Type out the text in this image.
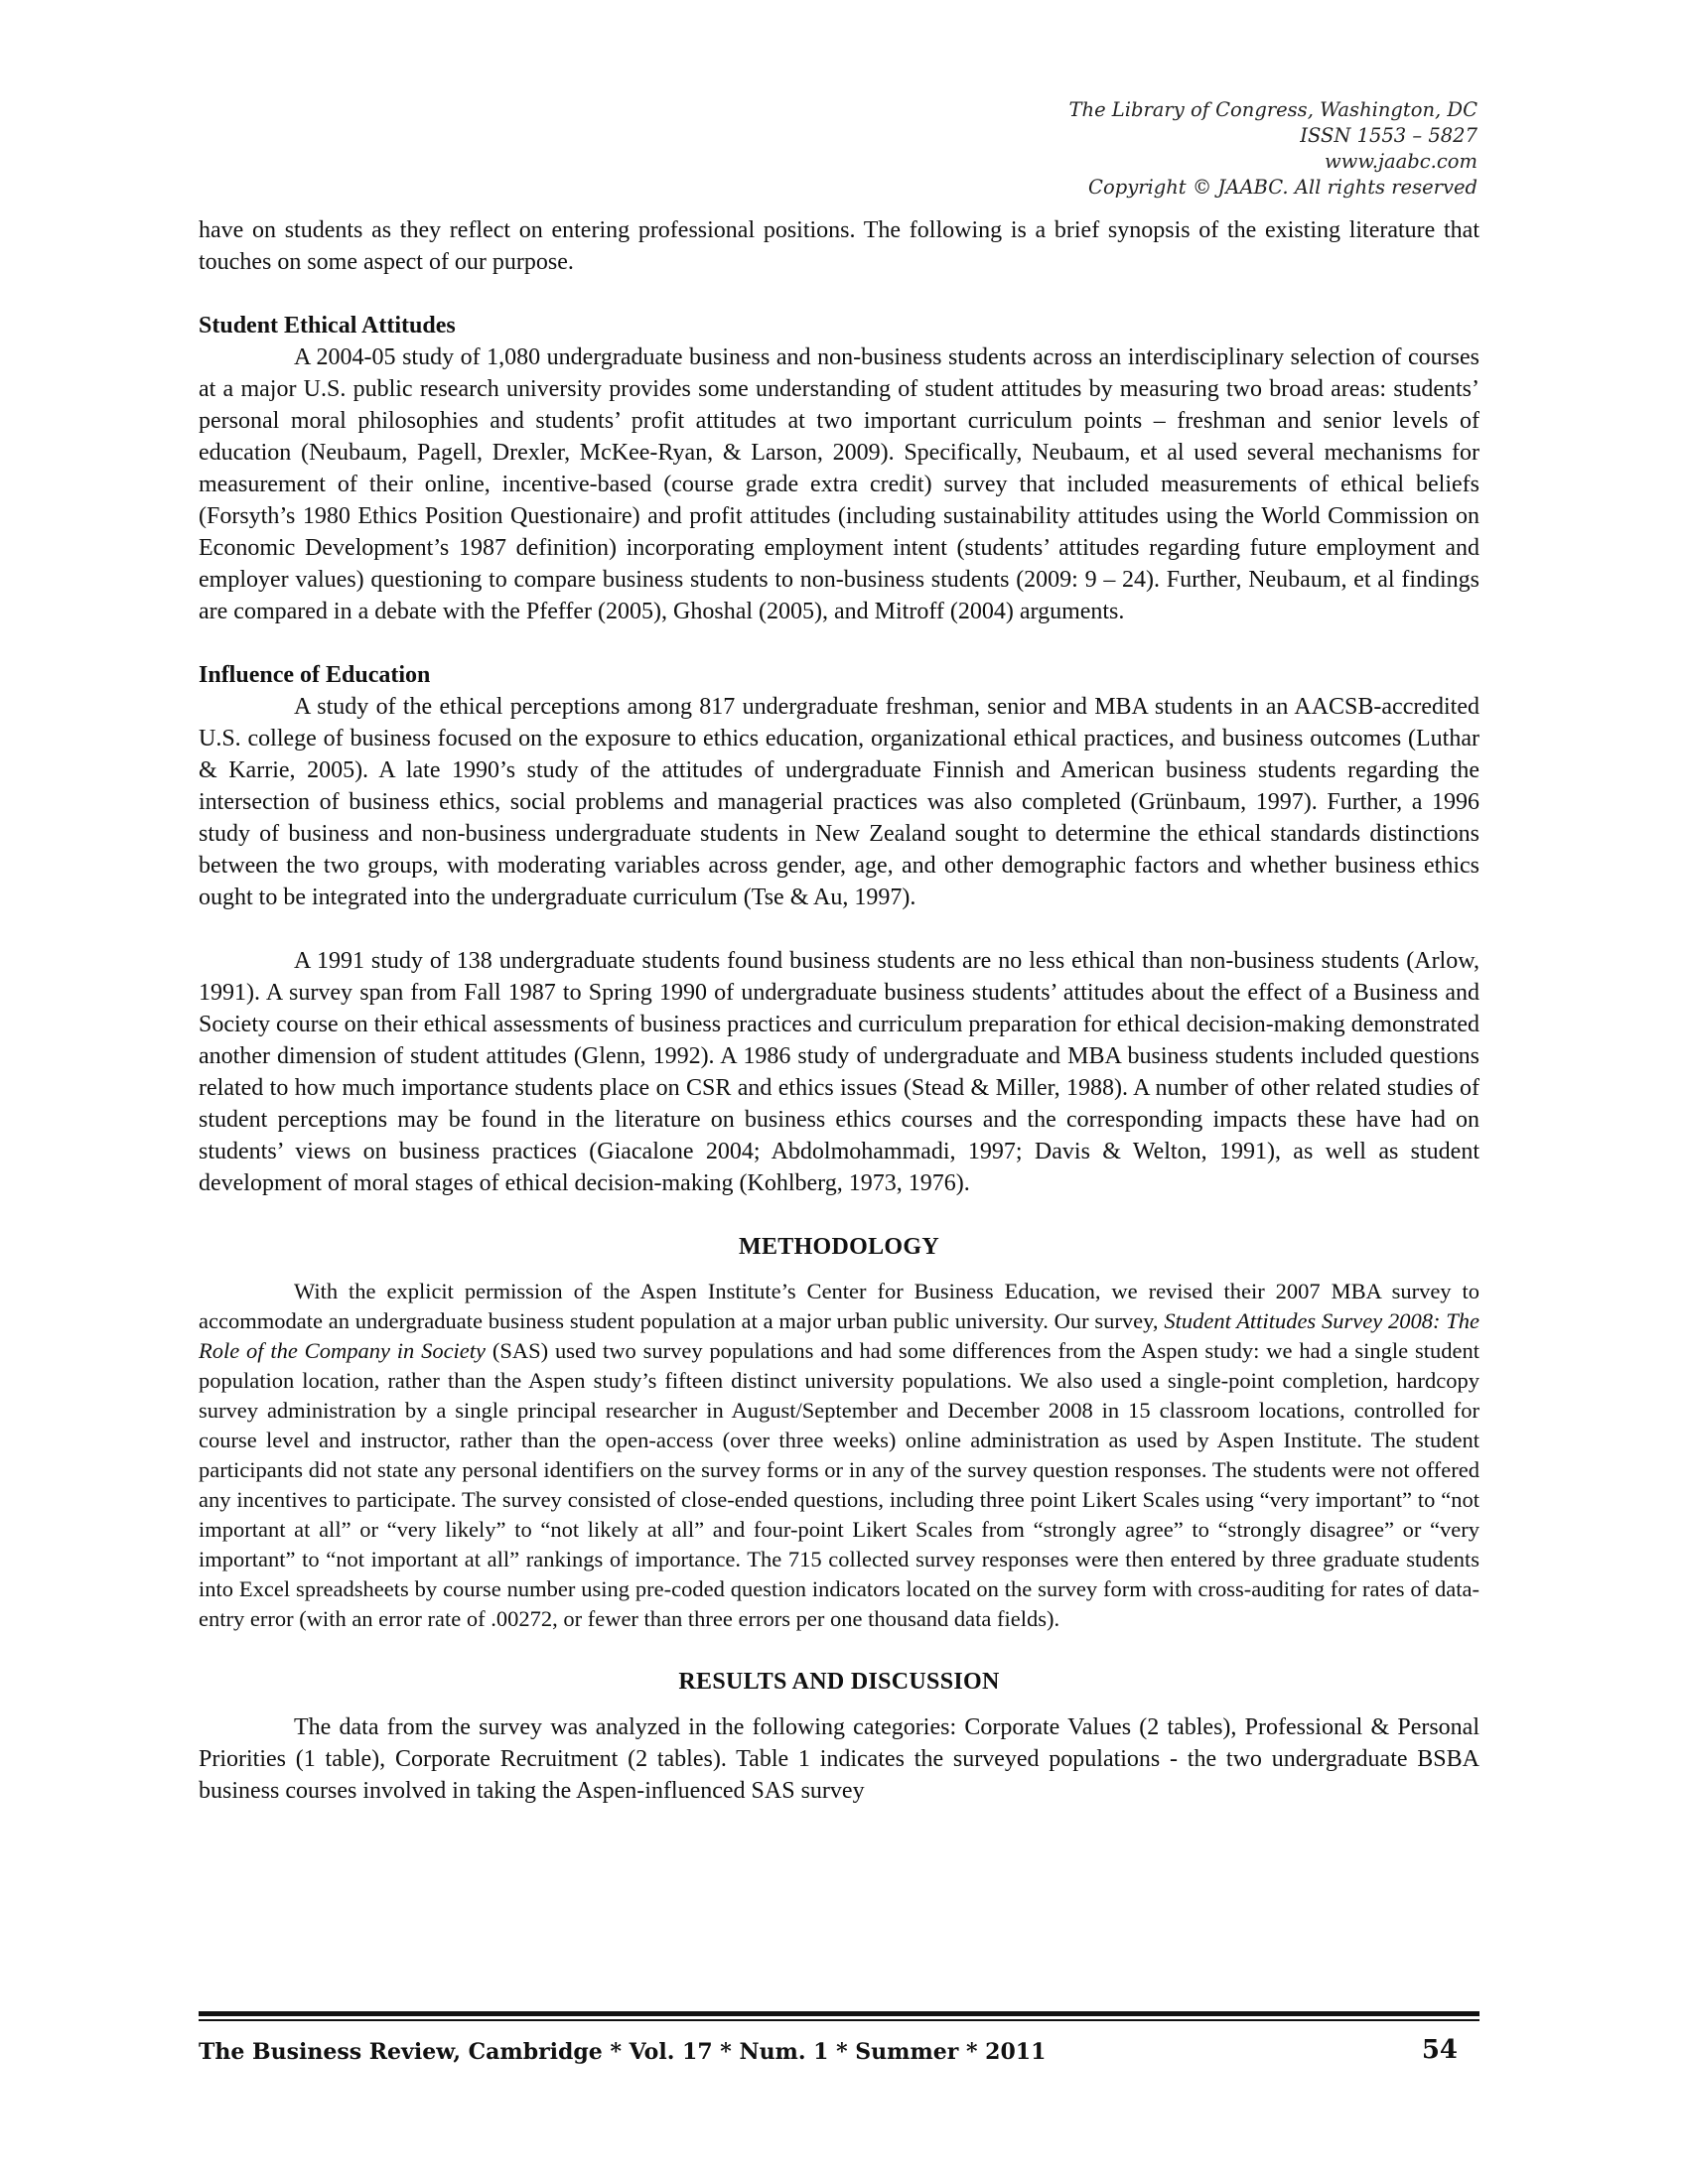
The Library of Congress, Washington, DC
ISSN 1553 – 5827
www.jaabc.com
Copyright © JAABC. All rights reserved

have on students as they reflect on entering professional positions. The following is a brief synopsis of the existing literature that touches on some aspect of our purpose.

Student Ethical Attitudes

A 2004-05 study of 1,080 undergraduate business and non-business students across an interdisciplinary selection of courses at a major U.S. public research university provides some understanding of student attitudes by measuring two broad areas: students’ personal moral philosophies and students’ profit attitudes at two important curriculum points – freshman and senior levels of education (Neubaum, Pagell, Drexler, McKee-Ryan, & Larson, 2009). Specifically, Neubaum, et al used several mechanisms for measurement of their online, incentive-based (course grade extra credit) survey that included measurements of ethical beliefs (Forsyth’s 1980 Ethics Position Questionaire) and profit attitudes (including sustainability attitudes using the World Commission on Economic Development’s 1987 definition) incorporating employment intent (students’ attitudes regarding future employment and employer values) questioning to compare business students to non-business students (2009: 9 – 24). Further, Neubaum, et al findings are compared in a debate with the Pfeffer (2005), Ghoshal (2005), and Mitroff (2004) arguments.

Influence of Education

A study of the ethical perceptions among 817 undergraduate freshman, senior and MBA students in an AACSB-accredited U.S. college of business focused on the exposure to ethics education, organizational ethical practices, and business outcomes (Luthar & Karrie, 2005). A late 1990’s study of the attitudes of undergraduate Finnish and American business students regarding the intersection of business ethics, social problems and managerial practices was also completed (Grünbaum, 1997). Further, a 1996 study of business and non-business undergraduate students in New Zealand sought to determine the ethical standards distinctions between the two groups, with moderating variables across gender, age, and other demographic factors and whether business ethics ought to be integrated into the undergraduate curriculum (Tse & Au, 1997).

A 1991 study of 138 undergraduate students found business students are no less ethical than non-business students (Arlow, 1991). A survey span from Fall 1987 to Spring 1990 of undergraduate business students’ attitudes about the effect of a Business and Society course on their ethical assessments of business practices and curriculum preparation for ethical decision-making demonstrated another dimension of student attitudes (Glenn, 1992). A 1986 study of undergraduate and MBA business students included questions related to how much importance students place on CSR and ethics issues (Stead & Miller, 1988). A number of other related studies of student perceptions may be found in the literature on business ethics courses and the corresponding impacts these have had on students’ views on business practices (Giacalone 2004; Abdolmohammadi, 1997; Davis & Welton, 1991), as well as student development of moral stages of ethical decision-making (Kohlberg, 1973, 1976).

METHODOLOGY

With the explicit permission of the Aspen Institute’s Center for Business Education, we revised their 2007 MBA survey to accommodate an undergraduate business student population at a major urban public university. Our survey, Student Attitudes Survey 2008: The Role of the Company in Society (SAS) used two survey populations and had some differences from the Aspen study: we had a single student population location, rather than the Aspen study’s fifteen distinct university populations. We also used a single-point completion, hardcopy survey administration by a single principal researcher in August/September and December 2008 in 15 classroom locations, controlled for course level and instructor, rather than the open-access (over three weeks) online administration as used by Aspen Institute. The student participants did not state any personal identifiers on the survey forms or in any of the survey question responses. The students were not offered any incentives to participate. The survey consisted of close-ended questions, including three point Likert Scales using “very important” to “not important at all” or “very likely” to “not likely at all” and four-point Likert Scales from “strongly agree” to “strongly disagree” or “very important” to “not important at all” rankings of importance. The 715 collected survey responses were then entered by three graduate students into Excel spreadsheets by course number using pre-coded question indicators located on the survey form with cross-auditing for rates of data-entry error (with an error rate of .00272, or fewer than three errors per one thousand data fields).

RESULTS AND DISCUSSION

The data from the survey was analyzed in the following categories: Corporate Values (2 tables), Professional & Personal Priorities (1 table), Corporate Recruitment (2 tables). Table 1 indicates the surveyed populations - the two undergraduate BSBA business courses involved in taking the Aspen-influenced SAS survey

The Business Review, Cambridge * Vol. 17 * Num. 1 * Summer * 2011	54
